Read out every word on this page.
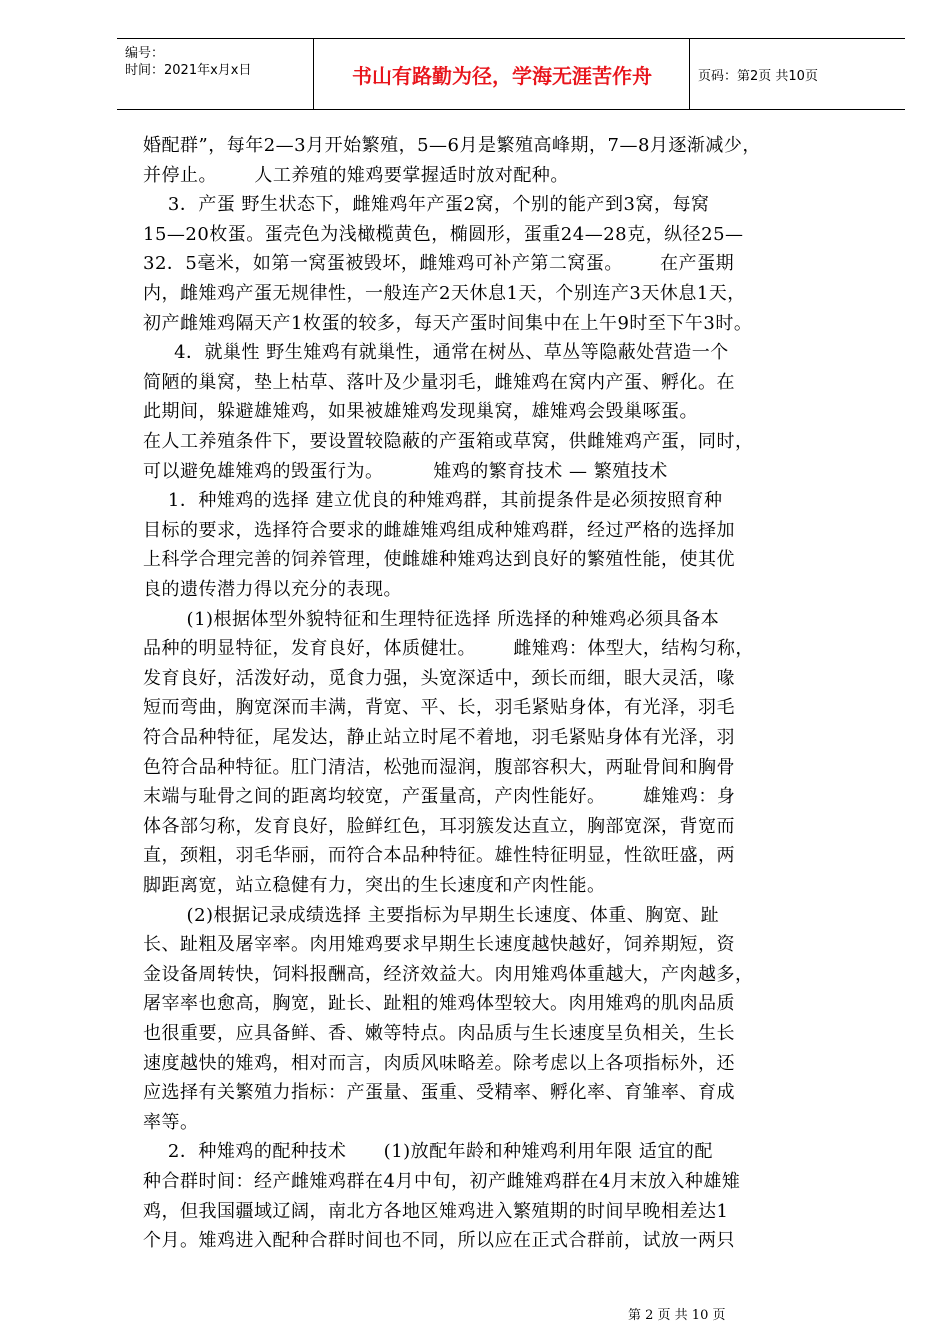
编号：
时间：2021年x月x日	书山有路勤为径，学海无涯苦作舟	页码：第2页 共10页
婚配群”，每年2—3月开始繁殖，5—6月是繁殖高峰期，7—8月逐渐减少，
并停止。      人工养殖的雉鸡要掌握适时放对配种。
3．产蛋 野生状态下，雌雉鸡年产蛋2窝，个别的能产到3窝，每窝
15—20枚蛋。蛋壳色为浅橄榄黄色，椭圆形，蛋重24—28克，纵径25—
32．5毫米，如第一窝蛋被毁坏，雌雉鸡可补产第二窝蛋。      在产蛋期
内，雌雉鸡产蛋无规律性，一般连产2天休息1天，个别连产3天休息1天，
初产雌雉鸡隔天产1枚蛋的较多，每天产蛋时间集中在上午9时至下午3时。
4．就巢性 野生雉鸡有就巢性，通常在树丛、草丛等隐蔽处营造一个
简陋的巢窝，垫上枯草、落叶及少量羽毛，雌雉鸡在窝内产蛋、孵化。在
此期间，躲避雄雉鸡，如果被雄雉鸡发现巢窝，雄雉鸡会毁巢啄蛋。
在人工养殖条件下，要设置较隐蔽的产蛋箱或草窝，供雌雉鸡产蛋，同时，
可以避免雄雉鸡的毁蛋行为。        雉鸡的繁育技术 — 繁殖技术
1．种雉鸡的选择 建立优良的种雉鸡群，其前提条件是必须按照育种
目标的要求，选择符合要求的雌雄雉鸡组成种雉鸡群，经过严格的选择加
上科学合理完善的饲养管理，使雌雄种雉鸡达到良好的繁殖性能，使其优
良的遗传潜力得以充分的表现。
(1)根据体型外貌特征和生理特征选择 所选择的种雉鸡必须具备本
品种的明显特征，发育良好，体质健壮。      雌雉鸡：体型大，结构匀称，
发育良好，活泼好动，觅食力强，头宽深适中，颈长而细，眼大灵活，喙
短而弯曲，胸宽深而丰满，背宽、平、长，羽毛紧贴身体，有光泽，羽毛
符合品种特征，尾发达，静止站立时尾不着地，羽毛紧贴身体有光泽，羽
色符合品种特征。肛门清洁，松弛而湿润，腹部容积大，两耻骨间和胸骨
末端与耻骨之间的距离均较宽，产蛋量高，产肉性能好。      雄雉鸡：身
体各部匀称，发育良好，脸鲜红色，耳羽簇发达直立，胸部宽深，背宽而
直，颈粗，羽毛华丽，而符合本品种特征。雄性特征明显，性欲旺盛，两
脚距离宽，站立稳健有力，突出的生长速度和产肉性能。
(2)根据记录成绩选择 主要指标为早期生长速度、体重、胸宽、趾
长、趾粗及屠宰率。肉用雉鸡要求早期生长速度越快越好，饲养期短，资
金设备周转快，饲料报酬高，经济效益大。肉用雉鸡体重越大，产肉越多，
屠宰率也愈高，胸宽，趾长、趾粗的雉鸡体型较大。肉用雉鸡的肌肉品质
也很重要，应具备鲜、香、嫩等特点。肉品质与生长速度呈负相关，生长
速度越快的雉鸡，相对而言，肉质风味略差。除考虑以上各项指标外，还
应选择有关繁殖力指标：产蛋量、蛋重、受精率、孵化率、育雏率、育成
率等。
2．种雉鸡的配种技术      (1)放配年龄和种雉鸡利用年限 适宜的配
种合群时间：经产雌雉鸡群在4月中旬，初产雌雉鸡群在4月末放入种雄雉
鸡，但我国疆域辽阔，南北方各地区雉鸡进入繁殖期的时间早晚相差达1
个月。雉鸡进入配种合群时间也不同，所以应在正式合群前，试放一两只
第 2 页 共 10 页
